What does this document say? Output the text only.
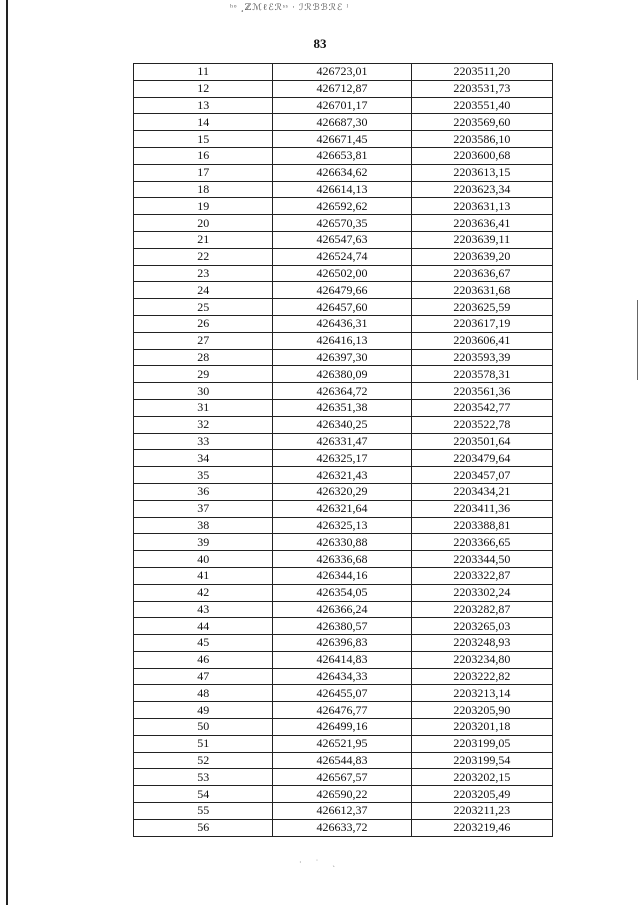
ʰᵒ ¸ℤℳℓℰℛˢˢ · ℐℛℬℬℛℰ ˡ
83
11	426723,01	2203511,20
12	426712,87	2203531,73
13	426701,17	2203551,40
14	426687,30	2203569,60
15	426671,45	2203586,10
16	426653,81	2203600,68
17	426634,62	2203613,15
18	426614,13	2203623,34
19	426592,62	2203631,13
20	426570,35	2203636,41
21	426547,63	2203639,11
22	426524,74	2203639,20
23	426502,00	2203636,67
24	426479,66	2203631,68
25	426457,60	2203625,59
26	426436,31	2203617,19
27	426416,13	2203606,41
28	426397,30	2203593,39
29	426380,09	2203578,31
30	426364,72	2203561,36
31	426351,38	2203542,77
32	426340,25	2203522,78
33	426331,47	2203501,64
34	426325,17	2203479,64
35	426321,43	2203457,07
36	426320,29	2203434,21
37	426321,64	2203411,36
38	426325,13	2203388,81
39	426330,88	2203366,65
40	426336,68	2203344,50
41	426344,16	2203322,87
42	426354,05	2203302,24
43	426366,24	2203282,87
44	426380,57	2203265,03
45	426396,83	2203248,93
46	426414,83	2203234,80
47	426434,33	2203222,82
48	426455,07	2203213,14
49	426476,77	2203205,90
50	426499,16	2203201,18
51	426521,95	2203199,05
52	426544,83	2203199,54
53	426567,57	2203202,15
54	426590,22	2203205,49
55	426612,37	2203211,23
56	426633,72	2203219,46
· ˙ ˎ
